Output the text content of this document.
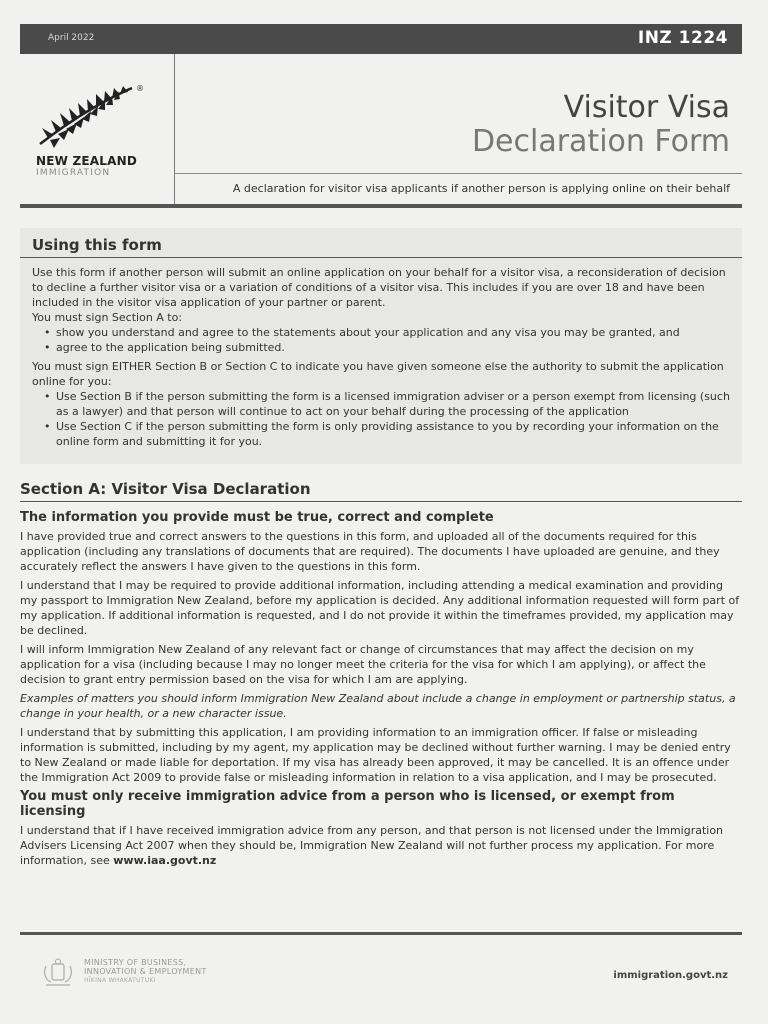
April 2022	INZ 1224
®
NEW ZEALAND
IMMIGRATION
Visitor Visa
Declaration Form
A declaration for visitor visa applicants if another person is applying online on their behalf
Using this form

Use this form if another person will submit an online application on your behalf for a visitor visa, a reconsideration of decision to decline a further visitor visa or a variation of conditions of a visitor visa. This includes if you are over 18 and have been included in the visitor visa application of your partner or parent.

You must sign Section A to:

• show you understand and agree to the statements about your application and any visa you may be granted, and
• agree to the application being submitted.

You must sign EITHER Section B or Section C to indicate you have given someone else the authority to submit the application online for you:

• Use Section B if the person submitting the form is a licensed immigration adviser or a person exempt from licensing (such as a lawyer) and that person will continue to act on your behalf during the processing of the application
• Use Section C if the person submitting the form is only providing assistance to you by recording your information on the online form and submitting it for you.
Section A: Visitor Visa Declaration

The information you provide must be true, correct and complete

I have provided true and correct answers to the questions in this form, and uploaded all of the documents required for this application (including any translations of documents that are required). The documents I have uploaded are genuine, and they accurately reflect the answers I have given to the questions in this form.

I understand that I may be required to provide additional information, including attending a medical examination and providing my passport to Immigration New Zealand, before my application is decided. Any additional information requested will form part of my application. If additional information is requested, and I do not provide it within the timeframes provided, my application may be declined.

I will inform Immigration New Zealand of any relevant fact or change of circumstances that may affect the decision on my application for a visa (including because I may no longer meet the criteria for the visa for which I am applying), or affect the decision to grant entry permission based on the visa for which I am are applying.

Examples of matters you should inform Immigration New Zealand about include a change in employment or partnership status, a change in your health, or a new character issue.

I understand that by submitting this application, I am providing information to an immigration officer. If false or misleading information is submitted, including by my agent, my application may be declined without further warning. I may be denied entry to New Zealand or made liable for deportation. If my visa has already been approved, it may be cancelled. It is an offence under the Immigration Act 2009 to provide false or misleading information in relation to a visa application, and I may be prosecuted.

You must only receive immigration advice from a person who is licensed, or exempt from licensing

I understand that if I have received immigration advice from any person, and that person is not licensed under the Immigration Advisers Licensing Act 2007 when they should be, Immigration New Zealand will not further process my application. For more information, see www.iaa.govt.nz

MINISTRY OF BUSINESS,
INNOVATION & EMPLOYMENT
HĪKINA WHAKATUTUKI	immigration.govt.nz
